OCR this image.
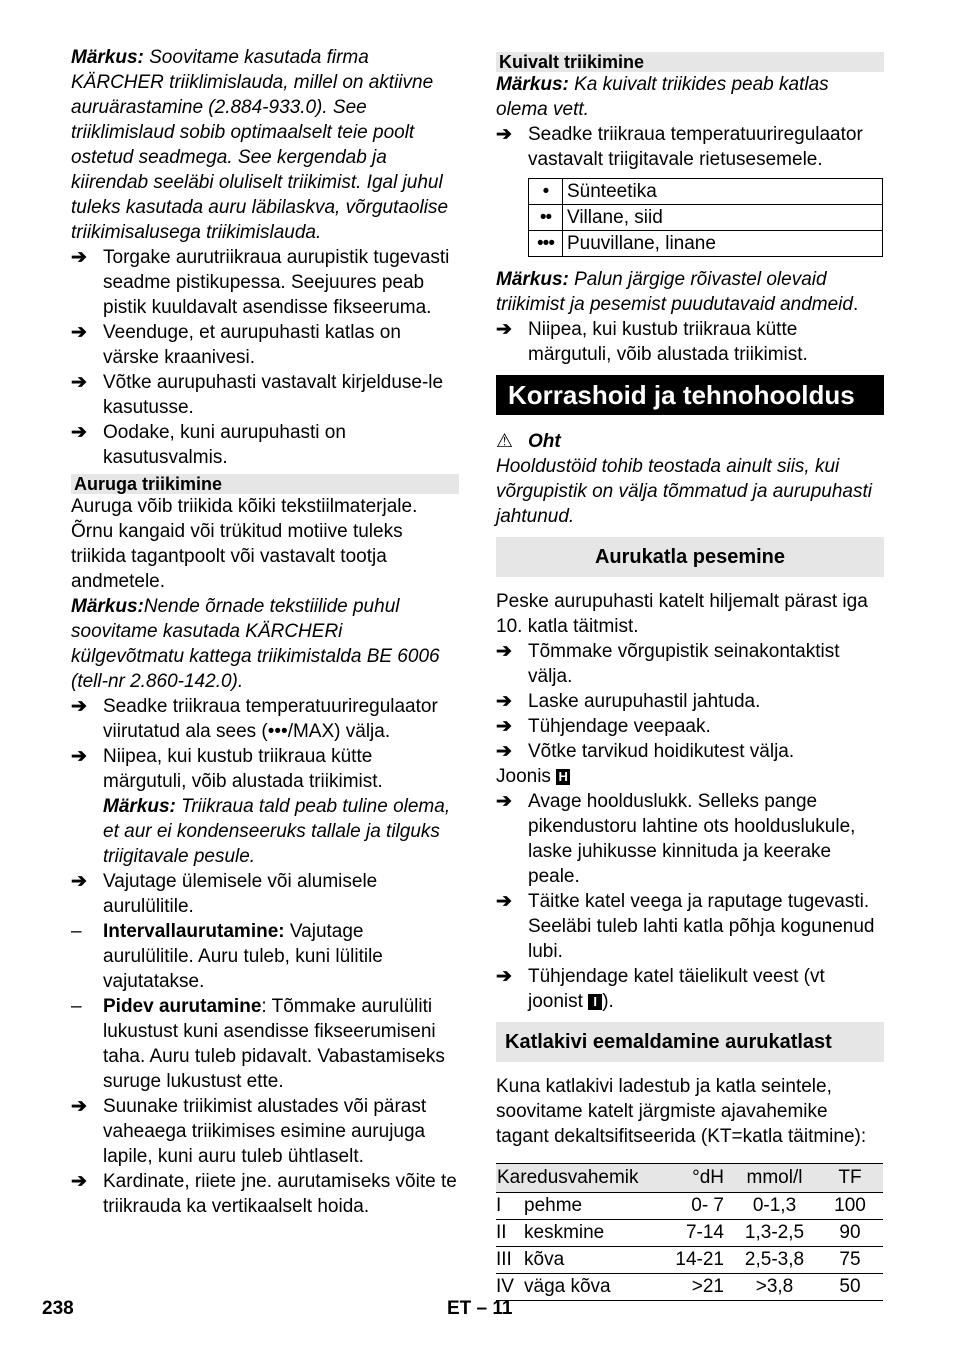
Märkus: Soovitame kasutada firma KÄRCHER triiklimislauda, millel on aktiivne auruärastamine (2.884-933.0). See triiklimislaud sobib optimaalselt teie poolt ostetud seadmega. See kergendab ja kiirendab seeläbi oluliselt triikimist. Igal juhul tuleks kasutada auru läbilaskva, võrgutaolise triikimisalusega triikimislauda.

➔ Torgake aurutriikraua aurupistik tugevasti seadme pistikupessa. Seejuures peab pistik kuuldavalt asendisse fikseeruma.

➔ Veenduge, et aurupuhasti katlas on värske kraanivesi.

➔ Võtke aurupuhasti vastavalt kirjelduse-le kasutusse.

➔ Oodake, kuni aurupuhasti on kasutusvalmis.

Auruga triikimine

Auruga võib triikida kõiki tekstiilmaterjale. Õrnu kangaid või trükitud motiive tuleks triikida tagantpoolt või vastavalt tootja andmetele.

Märkus:Nende õrnade tekstiilide puhul soovitame kasutada KÄRCHERi külgevõtmatu kattega triikimistalda BE 6006 (tell-nr 2.860-142.0).

➔ Seadke triikraua temperatuuriregulaator viirutatud ala sees (•••/MAX) välja.

➔ Niipea, kui kustub triikraua kütte märgutuli, võib alustada triikimist.

Märkus: Triikraua tald peab tuline olema, et aur ei kondenseeruks tallale ja tilguks triigitavale pesule.

➔ Vajutage ülemisele või alumisele aurulülitile.

– Intervallaurutamine: Vajutage aurulülitile. Auru tuleb, kuni lülitile vajutatakse.

– Pidev aurutamine: Tõmmake aurulüliti lukustust kuni asendisse fikseerumiseni taha. Auru tuleb pidavalt. Vabastamiseks suruge lukustust ette.

➔ Suunake triikimist alustades või pärast vaheaega triikimises esimine aurujuga lapile, kuni auru tuleb ühtlaselt.

➔ Kardinate, riiete jne. aurutamiseks võite te triikrauda ka vertikaalselt hoida.

Kuivalt triikimine

Märkus: Ka kuivalt triikides peab katlas olema vett.

➔ Seadke triikraua temperatuuriregulaator vastavalt triigitavale rietusesemele.

•	Sünteetika
••	Villane, siid
•••	Puuvillane, linane

Märkus: Palun järgige rõivastel olevaid triikimist ja pesemist puudutavaid andmeid.

➔ Niipea, kui kustub triikraua kütte märgutuli, võib alustada triikimist.

Korrashoid ja tehnohooldus

⚠ Oht

Hooldustöid tohib teostada ainult siis, kui võrgupistik on välja tõmmatud ja aurupuhasti jahtunud.

Aurukatla pesemine

Peske aurupuhasti katelt hiljemalt pärast iga 10. katla täitmist.

➔ Tõmmake võrgupistik seinakontaktist välja.

➔ Laske aurupuhastil jahtuda.

➔ Tühjendage veepaak.

➔ Võtke tarvikud hoidikutest välja.

Joonis H

➔ Avage hoolduslukk. Selleks pange pikendustoru lahtine ots hoolduslukule, laske juhikusse kinnituda ja keerake peale.

➔ Täitke katel veega ja raputage tugevasti. Seeläbi tuleb lahti katla põhja kogunenud lubi.

➔ Tühjendage katel täielikult veest (vt joonist I ).

Katlakivi eemaldamine aurukatlast

Kuna katlakivi ladestub ja katla seintele, soovitame katelt järgmiste ajavahemike tagant dekaltsifitseerida (KT=katla täitmine):

Karedusvahemik		°dH	mmol/l	TF
I	pehme	0- 7	0-1,3	100
II	keskmine	7-14	1,3-2,5	90
III	kõva	14-21	2,5-3,8	75
IV	väga kõva	>21	>3,8	50
238	ET – 11
